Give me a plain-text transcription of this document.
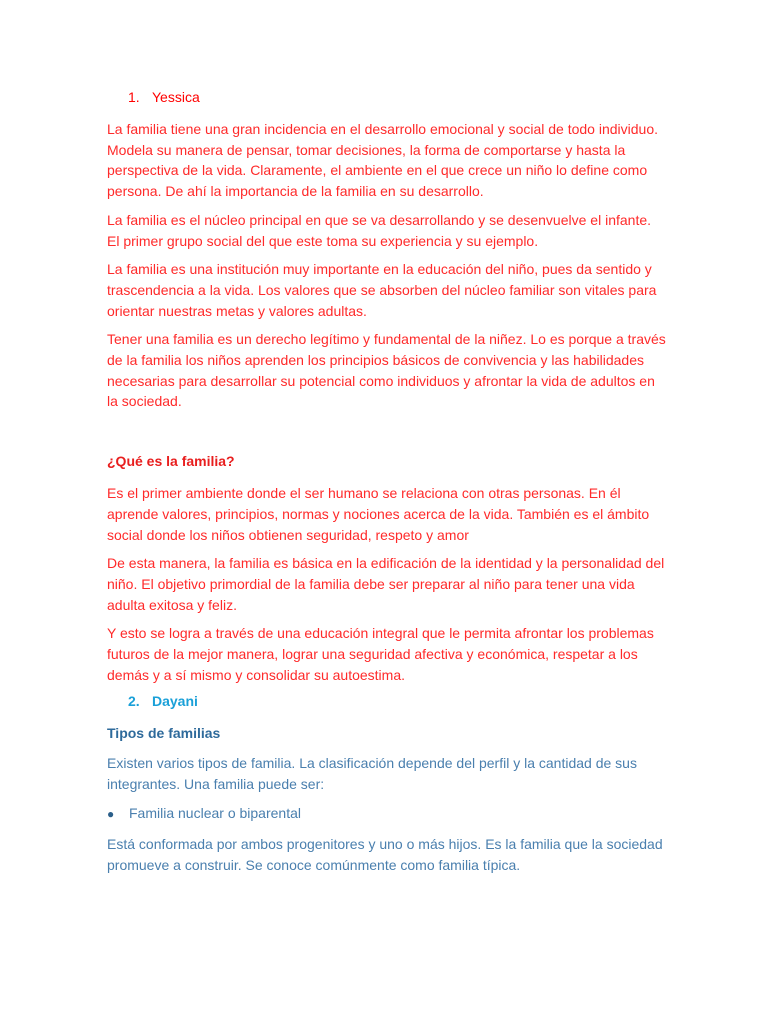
1. Yessica

La familia tiene una gran incidencia en el desarrollo emocional y social de todo individuo. Modela su manera de pensar, tomar decisiones, la forma de comportarse y hasta la perspectiva de la vida. Claramente, el ambiente en el que crece un niño lo define como persona. De ahí la importancia de la familia en su desarrollo.

La familia es el núcleo principal en que se va desarrollando y se desenvuelve el infante. El primer grupo social del que este toma su experiencia y su ejemplo.

La familia es una institución muy importante en la educación del niño, pues da sentido y trascendencia a la vida. Los valores que se absorben del núcleo familiar son vitales para orientar nuestras metas y valores adultas.

Tener una familia es un derecho legítimo y fundamental de la niñez. Lo es porque a través de la familia los niños aprenden los principios básicos de convivencia y las habilidades necesarias para desarrollar su potencial como individuos y afrontar la vida de adultos en la sociedad.

¿Qué es la familia?

Es el primer ambiente donde el ser humano se relaciona con otras personas. En él aprende valores, principios, normas y nociones acerca de la vida. También es el ámbito social donde los niños obtienen seguridad, respeto y amor

De esta manera, la familia es básica en la edificación de la identidad y la personalidad del niño. El objetivo primordial de la familia debe ser preparar al niño para tener una vida adulta exitosa y feliz.

Y esto se logra a través de una educación integral que le permita afrontar los problemas futuros de la mejor manera, lograr una seguridad afectiva y económica, respetar a los demás y a sí mismo y consolidar su autoestima.

2. Dayani
Tipos de familias

Existen varios tipos de familia. La clasificación depende del perfil y la cantidad de sus integrantes. Una familia puede ser:

●	Familia nuclear o biparental

Está conformada por ambos progenitores y uno o más hijos. Es la familia que la sociedad promueve a construir. Se conoce comúnmente como familia típica.
